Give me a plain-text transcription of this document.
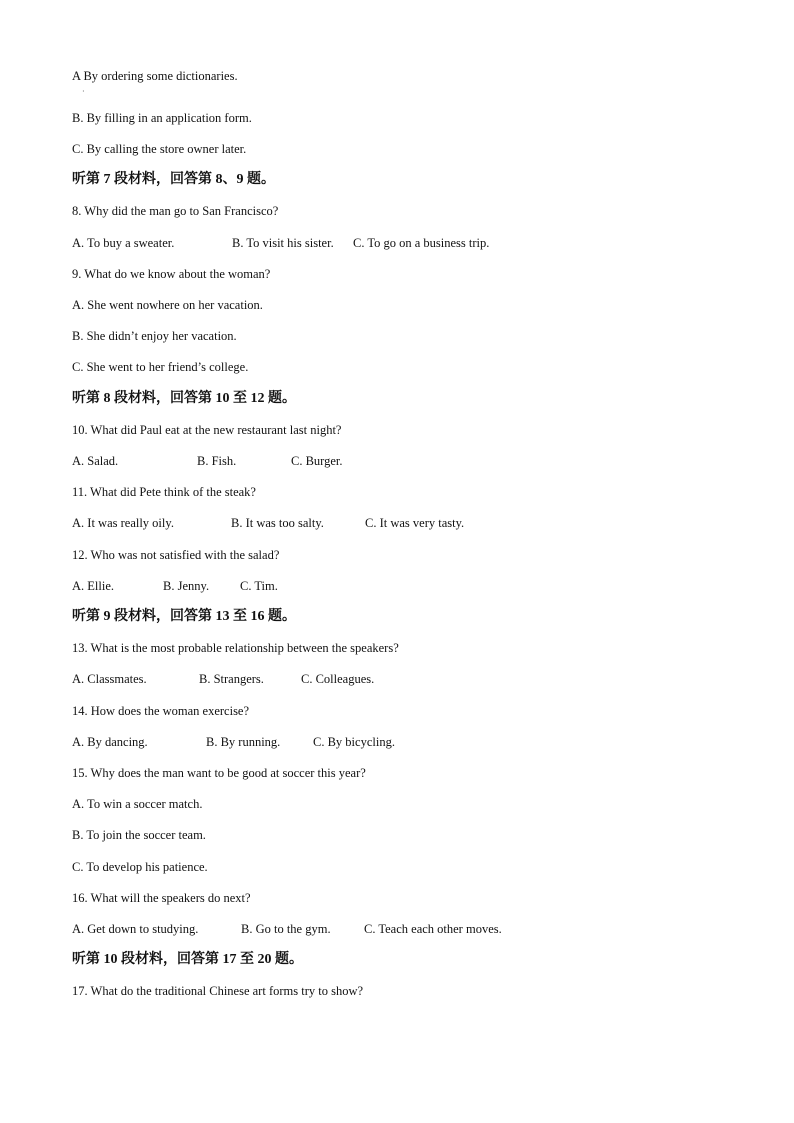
A By ordering some dictionaries.
·
B. By filling in an application form.
C. By calling the store owner later.
听第 7 段材料，回答第 8、9 题。
8. Why did the man go to San Francisco?
A. To buy a sweater.	B. To visit his sister. C. To go on a business trip.
9. What do we know about the woman?
A. She went nowhere on her vacation.
B. She didn’t enjoy her vacation.
C. She went to her friend’s college.
听第 8 段材料，回答第 10 至 12 题。
10. What did Paul eat at the new restaurant last night?
A. Salad.	B. Fish.	C. Burger.
11. What did Pete think of the steak?
A. It was really oily.	B. It was too salty.	C. It was very tasty.
12. Who was not satisfied with the salad?
A. Ellie.	B. Jenny. C. Tim.
听第 9 段材料，回答第 13 至 16 题。
13. What is the most probable relationship between the speakers?
A. Classmates.	B. Strangers.	C. Colleagues.
14. How does the woman exercise?
A. By dancing.	B. By running.	C. By bicycling.
15. Why does the man want to be good at soccer this year?
A. To win a soccer match.
B. To join the soccer team.
C. To develop his patience.
16. What will the speakers do next?
A. Get down to studying.	B. Go to the gym.	C. Teach each other moves.
听第 10 段材料，回答第 17 至 20 题。
17. What do the traditional Chinese art forms try to show?
